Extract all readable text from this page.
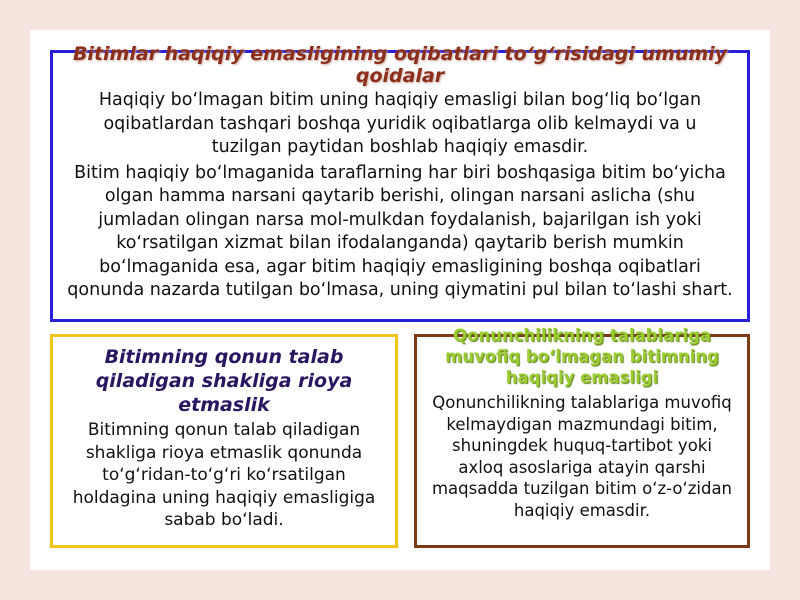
Bitimlar haqiqiy emasligining oqibatlari to‘g‘risidagi umumiy qoidalar
Haqiqiy bo‘lmagan bitim uning haqiqiy emasligi bilan bog‘liq bo‘lgan oqibatlardan tashqari boshqa yuridik oqibatlarga olib kelmaydi va u tuzilgan paytidan boshlab haqiqiy emasdir.
Bitim haqiqiy bo‘lmaganida taraflarning har biri boshqasiga bitim bo‘yicha olgan hamma narsani qaytarib berishi, olingan narsani aslicha (shu jumladan olingan narsa mol-mulkdan foydalanish, bajarilgan ish yoki ko‘rsatilgan xizmat bilan ifodalanganda) qaytarib berish mumkin bo‘lmaganida esa, agar bitim haqiqiy emasligining boshqa oqibatlari qonunda nazarda tutilgan bo‘lmasa, uning qiymatini pul bilan to‘lashi shart.
Bitimning qonun talab qiladigan shakliga rioya etmaslik
Bitimning qonun talab qiladigan shakliga rioya etmaslik qonunda to‘g‘ridan-to‘g‘ri ko‘rsatilgan holdagina uning haqiqiy emasligiga sabab bo‘ladi.
Qonunchilikning talablariga muvofiq bo‘lmagan bitimning haqiqiy emasligi
Qonunchilikning talablariga muvofiq kelmaydigan mazmundagi bitim, shuningdek huquq-tartibot yoki axloq asoslariga atayin qarshi maqsadda tuzilgan bitim o‘z-o‘zidan haqiqiy emasdir.
